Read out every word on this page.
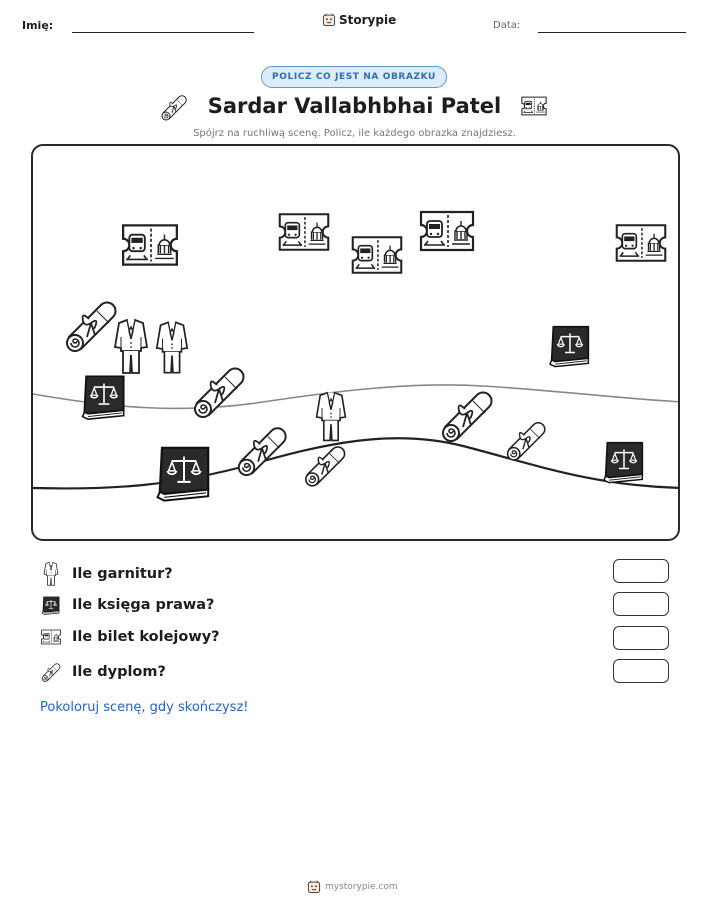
Imię:	Storypie	Data:
POLICZ CO JEST NA OBRAZKU
Sardar Vallabhbhai Patel
Spójrz na ruchliwą scenę. Policz, ile każdego obrazka znajdziesz.
Ile garnitur?
Ile księga prawa?
Ile bilet kolejowy?
Ile dyplom?
Pokoloruj scenę, gdy skończysz!
mystorypie.com
